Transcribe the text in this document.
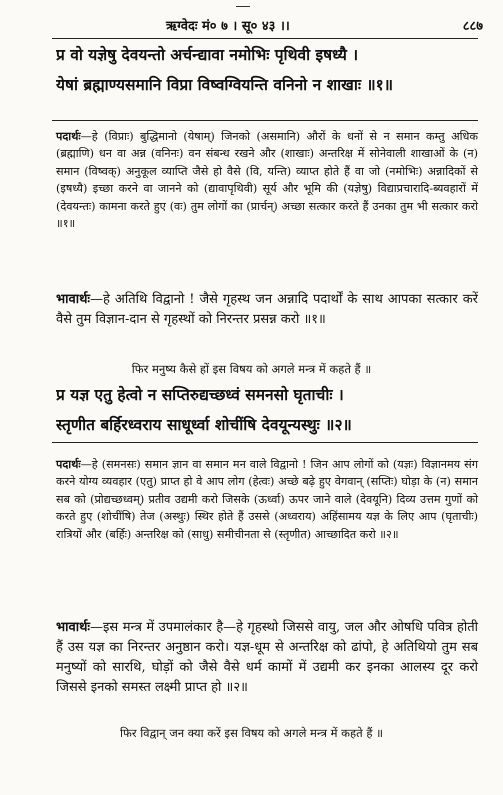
ऋग्वेदः मं० ७ । सू० ४३ ।।	८८७
प्र वो यज्ञेषु देवयन्तो अर्चन्द्यावा नमोभिः पृथिवी इषध्यै ।
येषां ब्रह्माण्यसमानि विप्रा विष्वग्वियन्ति वनिनो न शाखाः ॥१॥
पदार्थः—हे (विप्राः) बुद्धिमानो (येषाम्) जिनको (असमानि) औरों के धनों से न समान कम्तु अधिक (ब्रह्माणि) धन वा अन्न (वनिनः) वन संबन्ध रखने और (शाखाः) अन्तरिक्ष में सोनेवाली शाखाओं के (न) समान (विष्वक्) अनुकूल व्याप्ति जैसे हो वैसे (वि, यन्ति) व्याप्त होते हैं वा जो (नमोभिः) अन्नादिकों से (इषध्यै) इच्छा करने वा जानने को (द्यावापृथिवी) सूर्य और भूमि की (यज्ञेषु) विद्याप्रचारादि-ब्यवहारों में (देवयन्तः) कामना करते हुए (वः) तुम लोगों का (प्रार्चन्) अच्छा सत्कार करते हैं उनका तुम भी सत्कार करो ॥१॥
भावार्थः—हे अतिथि विद्वानो ! जैसे गृहस्थ जन अन्नादि पदार्थों के साथ आपका सत्कार करें वैसे तुम विज्ञान-दान से गृहस्थों को निरन्तर प्रसन्न करो ॥१॥
फिर मनुष्य कैसे हों इस विषय को अगले मन्त्र में कहते हैं ॥
प्र यज्ञ एतु हेत्वो न सप्तिरुद्यच्छध्वं समनसो घृताचीः ।
स्तृणीत बर्हिरध्वराय साधूर्ध्वा शोचींषि देवयून्यस्थुः ॥२॥
पदार्थः—हे (समनसः) समान ज्ञान वा समान मन वाले विद्वानो ! जिन आप लोगों को (यज्ञः) विज्ञानमय संग करने योग्य व्यवहार (एतु) प्राप्त हो वे आप लोग (हेत्वः) अच्छे बढ़े हुए वेगवान् (सप्तिः) घोड़ा के (न) समान सब को (प्रोद्यच्छध्वम्) प्रतीव उद्यमी करो जिसके (ऊर्ध्वा) ऊपर जाने वाले (देवयूनि) दिव्य उत्तम गुणों को करते हुए (शोचींषि) तेज (अस्थुः) स्थिर होते हैं उससे (अध्वराय) अहिंसामय यज्ञ के लिए आप (घृताचीः) रात्रियों और (बर्हिः) अन्तरिक्ष को (साधु) समीचीनता से (स्तृणीत) आच्छादित करो ॥२॥
भावार्थः—इस मन्त्र में उपमालंकार है—हे गृहस्थो जिससे वायु, जल और ओषधि पवित्र होती हैं उस यज्ञ का निरन्तर अनुष्ठान करो। यज्ञ-धूम से अन्तरिक्ष को ढांपो, हे अतिथियो तुम सब मनुष्यों को सारथि, घोड़ों को जैसे वैसे धर्म कामों में उद्यमी कर इनका आलस्य दूर करो जिससे इनको समस्त लक्ष्मी प्राप्त हो ॥२॥
फिर विद्वान् जन क्या करें इस विषय को अगले मन्त्र में कहते हैं ॥
